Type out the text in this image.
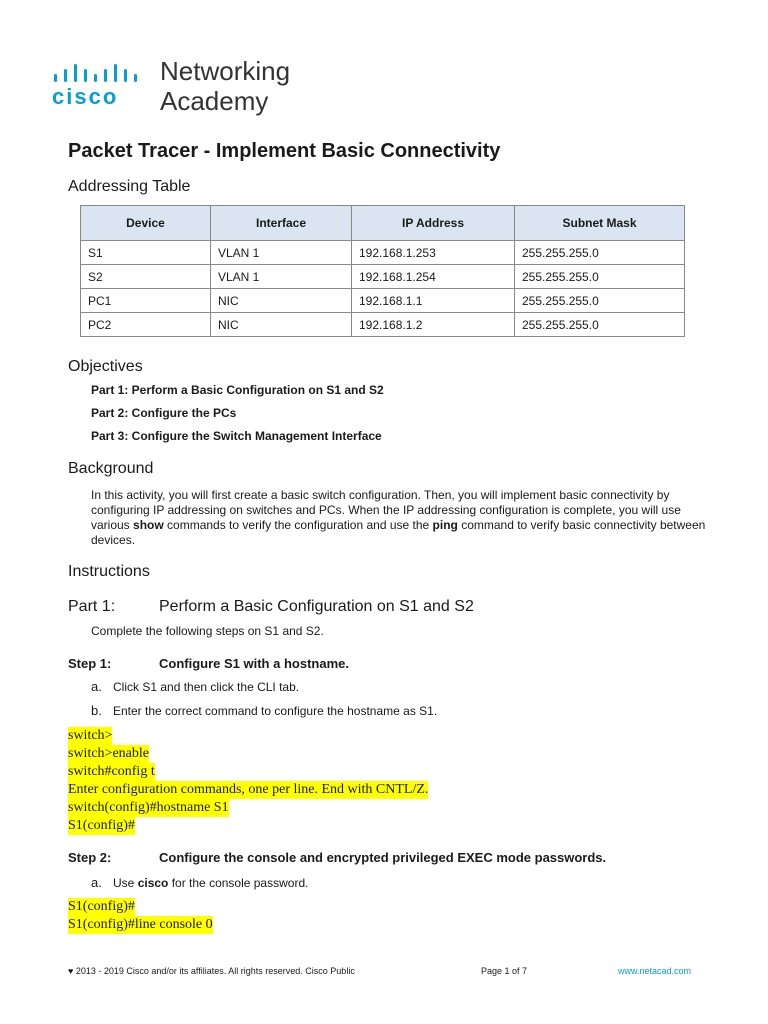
cisco
Networking
Academy
Packet Tracer - Implement Basic Connectivity
Addressing Table
Device	Interface	IP Address	Subnet Mask
S1	VLAN 1	192.168.1.253	255.255.255.0
S2	VLAN 1	192.168.1.254	255.255.255.0
PC1	NIC	192.168.1.1	255.255.255.0
PC2	NIC	192.168.1.2	255.255.255.0
Objectives
Part 1: Perform a Basic Configuration on S1 and S2
Part 2: Configure the PCs
Part 3: Configure the Switch Management Interface
Background
In this activity, you will first create a basic switch configuration. Then, you will implement basic connectivity by configuring IP addressing on switches and PCs. When the IP addressing configuration is complete, you will use various show commands to verify the configuration and use the ping command to verify basic connectivity between devices.
Instructions
Part 1:	Perform a Basic Configuration on S1 and S2
Complete the following steps on S1 and S2.
Step 1:	Configure S1 with a hostname.
a. Click S1 and then click the CLI tab.
b. Enter the correct command to configure the hostname as S1.
switch>
switch>enable
switch#config t
Enter configuration commands, one per line. End with CNTL/Z.
switch(config)#hostname S1
S1(config)#
Step 2:	Configure the console and encrypted privileged EXEC mode passwords.
a. Use cisco for the console password.
S1(config)#
S1(config)#line console 0
♥ 2013 - 2019 Cisco and/or its affiliates. All rights reserved. Cisco Public	Page 1 of 7	www.netacad.com
